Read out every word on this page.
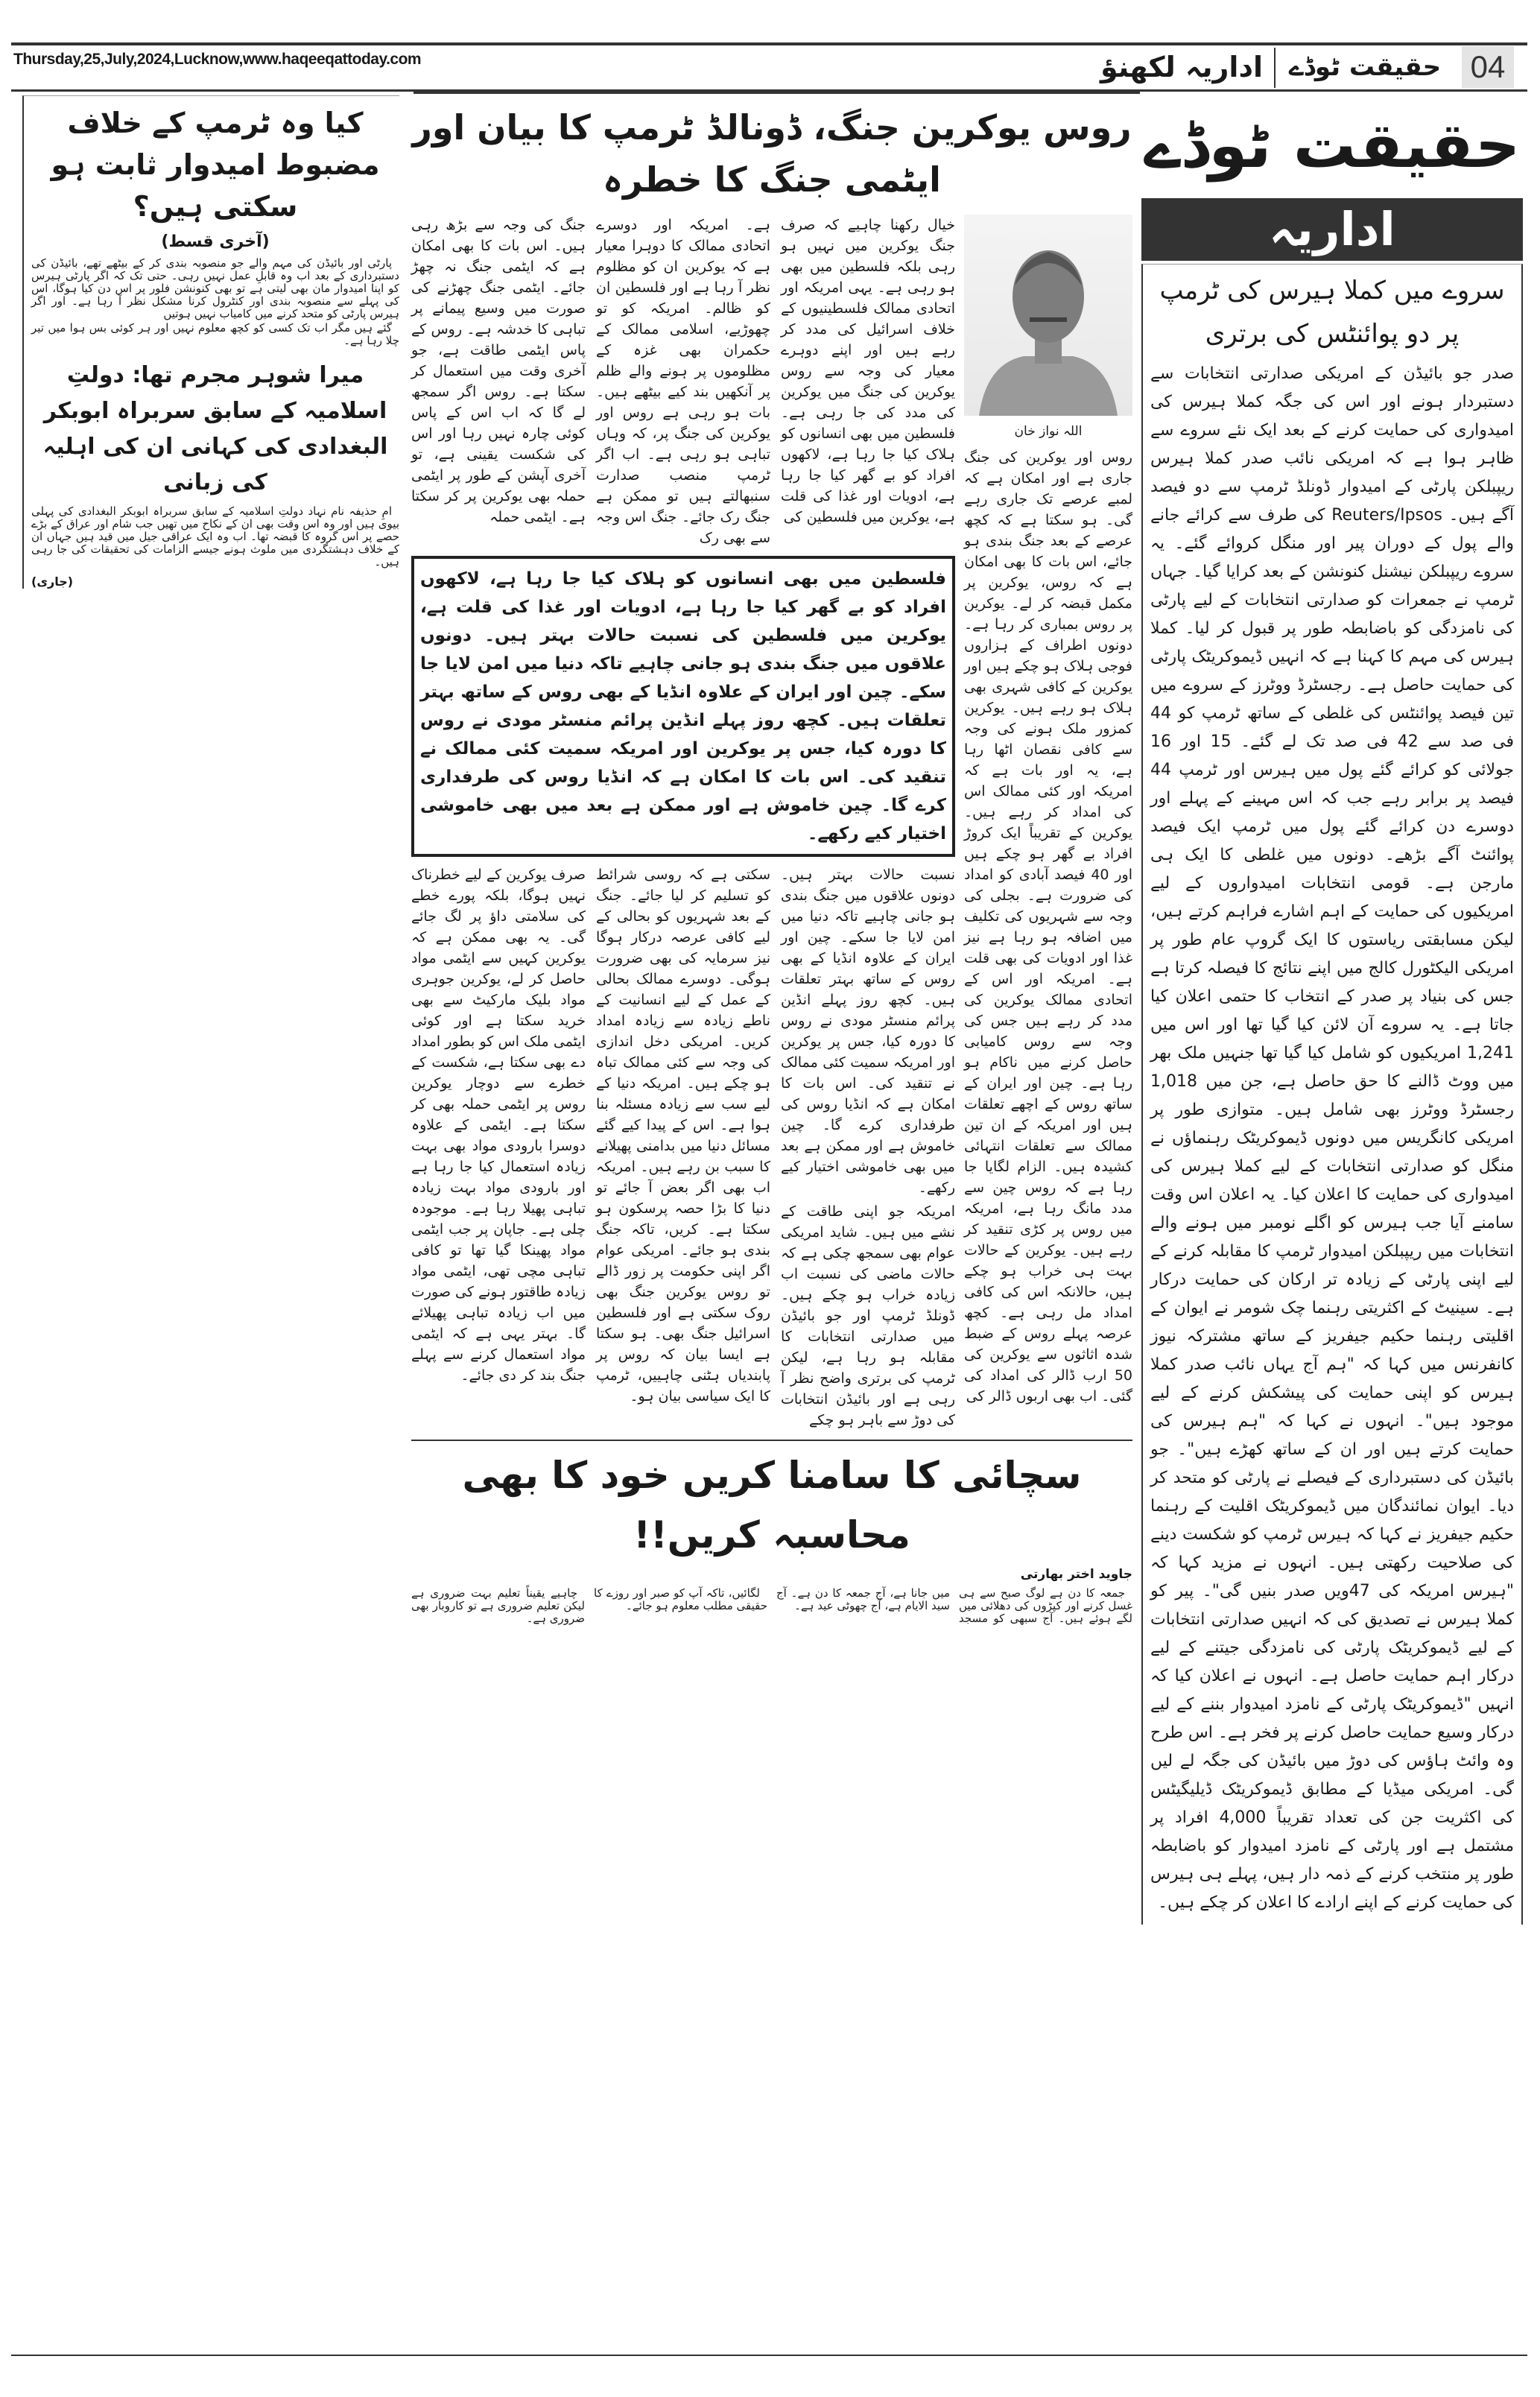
Thursday,25,July,2024,Lucknow,www.haqeeqattoday.com	04
حقیقت ٹوڈے
اداریہ لکھنؤ
کیا وہ ٹرمپ کے خلاف مضبوط امیدوار ثابت ہو سکتی ہیں؟
(آخری قسط)

پارٹی اور بائیڈن کی مہم والے جو منصوبہ بندی کر کے بیٹھے تھے، بائیڈن کی دستبرداری کے بعد اب وہ قابلِ عمل نہیں رہی۔ حتی تک کہ اگر پارٹی ہیرس کو اپنا امیدوار مان بھی لیتی ہے تو بھی کنونشن فلور پر اس دن کیا ہوگا، اس کی پہلے سے منصوبہ بندی اور کنٹرول کرنا مشکل نظر آ رہا ہے۔ اور اگر ہیرس پارٹی کو متحد کرنے میں کامیاب نہیں ہوتیں

گئے ہیں مگر اب تک کسی کو کچھ معلوم نہیں اور ہر کوئی بس ہوا میں تیر چلا رہا ہے۔

میرا شوہر مجرم تھا: دولتِ اسلامیہ کے سابق سربراہ ابوبکر البغدادی کی کہانی ان کی اہلیہ کی زبانی

امِ حذیفہ نام نہاد دولتِ اسلامیہ کے سابق سربراہ ابوبکر البغدادی کی پہلی بیوی ہیں اور وہ اس وقت بھی ان کے نکاح میں تھیں جب شام اور عراق کے بڑے حصے پر اس گروہ کا قبضہ تھا۔ اب وہ ایک عراقی جیل میں قید ہیں جہاں ان کے خلاف دہشتگردی میں ملوث ہونے جیسے الزامات کی تحقیقات کی جا رہی ہیں۔

(جاری)
روس یوکرین جنگ، ڈونالڈ ٹرمپ کا بیان اور ایٹمی جنگ کا خطرہ
اللہ نواز خان

روس اور یوکرین کی جنگ جاری ہے اور امکان ہے کہ لمبے عرصے تک جاری رہے گی۔ ہو سکتا ہے کہ کچھ عرصے کے بعد جنگ بندی ہو جائے، اس بات کا بھی امکان ہے کہ روس، یوکرین پر مکمل قبضہ کر لے۔ یوکرین پر روس بمباری کر رہا ہے۔ دونوں اطراف کے ہزاروں فوجی ہلاک ہو چکے ہیں اور یوکرین کے کافی شہری بھی ہلاک ہو رہے ہیں۔ یوکرین کمزور ملک ہونے کی وجہ سے کافی نقصان اٹھا رہا ہے، یہ اور بات ہے کہ امریکہ اور کئی ممالک اس کی امداد کر رہے ہیں۔ یوکرین کے تقریباً ایک کروڑ افراد بے گھر ہو چکے ہیں اور 40 فیصد آبادی کو امداد کی ضرورت ہے۔ بجلی کی وجہ سے شہریوں کی تکلیف میں اضافہ ہو رہا ہے نیز غذا اور ادویات کی بھی قلت ہے۔ امریکہ اور اس کے اتحادی ممالک یوکرین کی مدد کر رہے ہیں جس کی وجہ سے روس کامیابی حاصل کرنے میں ناکام ہو رہا ہے۔ چین اور ایران کے ساتھ روس کے اچھے تعلقات ہیں اور امریکہ کے ان تین ممالک سے تعلقات انتہائی کشیدہ ہیں۔ الزام لگایا جا رہا ہے کہ روس چین سے مدد مانگ رہا ہے، امریکہ میں روس پر کڑی تنقید کر رہے ہیں۔ یوکرین کے حالات بہت ہی خراب ہو چکے ہیں، حالانکہ اس کی کافی امداد مل رہی ہے۔ کچھ عرصہ پہلے روس کے ضبط شدہ اثاثوں سے یوکرین کی 50 ارب ڈالر کی امداد کی گئی۔ اب بھی اربوں ڈالر کی

خیال رکھنا چاہیے کہ صرف جنگ یوکرین میں نہیں ہو رہی بلکہ فلسطین میں بھی ہو رہی ہے۔ یہی امریکہ اور اتحادی ممالک فلسطینیوں کے خلاف اسرائیل کی مدد کر رہے ہیں اور اپنے دوہرے معیار کی وجہ سے روس یوکرین کی جنگ میں یوکرین کی مدد کی جا رہی ہے۔ فلسطین میں بھی انسانوں کو ہلاک کیا جا رہا ہے، لاکھوں افراد کو بے گھر کیا جا رہا ہے، ادویات اور غذا کی قلت ہے، یوکرین میں فلسطین کی

ہے۔ امریکہ اور دوسرے اتحادی ممالک کا دوہرا معیار ہے کہ یوکرین ان کو مظلوم نظر آ رہا ہے اور فلسطین ان کو ظالم۔ امریکہ کو تو چھوڑیے، اسلامی ممالک کے حکمران بھی غزہ کے مظلوموں پر ہونے والے ظلم پر آنکھیں بند کیے بیٹھے ہیں۔ بات ہو رہی ہے روس اور یوکرین کی جنگ پر، کہ وہاں تباہی ہو رہی ہے۔ اب اگر ٹرمپ منصب صدارت سنبھالتے ہیں تو ممکن ہے جنگ رک جائے۔ جنگ اس وجہ سے بھی رک

جنگ کی وجہ سے بڑھ رہی ہیں۔ اس بات کا بھی امکان ہے کہ ایٹمی جنگ نہ چھڑ جائے۔ ایٹمی جنگ چھڑنے کی صورت میں وسیع پیمانے پر تباہی کا خدشہ ہے۔ روس کے پاس ایٹمی طاقت ہے، جو آخری وقت میں استعمال کر سکتا ہے۔ روس اگر سمجھ لے گا کہ اب اس کے پاس کوئی چارہ نہیں رہا اور اس کی شکست یقینی ہے، تو آخری آپشن کے طور پر ایٹمی حملہ بھی یوکرین پر کر سکتا ہے۔ ایٹمی حملہ

فلسطین میں بھی انسانوں کو ہلاک کیا جا رہا ہے، لاکھوں افراد کو بے گھر کیا جا رہا ہے، ادویات اور غذا کی قلت ہے، یوکرین میں فلسطین کی نسبت حالات بہتر ہیں۔ دونوں علاقوں میں جنگ بندی ہو جانی چاہیے تاکہ دنیا میں امن لایا جا سکے۔ چین اور ایران کے علاوہ انڈیا کے بھی روس کے ساتھ بہتر تعلقات ہیں۔ کچھ روز پہلے انڈین پرائم منسٹر مودی نے روس کا دورہ کیا، جس پر یوکرین اور امریکہ سمیت کئی ممالک نے تنقید کی۔ اس بات کا امکان ہے کہ انڈیا روس کی طرفداری کرے گا۔ چین خاموش ہے اور ممکن ہے بعد میں بھی خاموشی اختیار کیے رکھے۔

نسبت حالات بہتر ہیں۔ دونوں علاقوں میں جنگ بندی ہو جانی چاہیے تاکہ دنیا میں امن لایا جا سکے۔ چین اور ایران کے علاوہ انڈیا کے بھی روس کے ساتھ بہتر تعلقات ہیں۔ کچھ روز پہلے انڈین پرائم منسٹر مودی نے روس کا دورہ کیا، جس پر یوکرین اور امریکہ سمیت کئی ممالک نے تنقید کی۔ اس بات کا امکان ہے کہ انڈیا روس کی طرفداری کرے گا۔ چین خاموش ہے اور ممکن ہے بعد میں بھی خاموشی اختیار کیے رکھے۔

امریکہ جو اپنی طاقت کے نشے میں ہیں۔ شاید امریکی عوام بھی سمجھ چکی ہے کہ حالات ماضی کی نسبت اب زیادہ خراب ہو چکے ہیں۔ ڈونلڈ ٹرمپ اور جو بائیڈن میں صدارتی انتخابات کا مقابلہ ہو رہا ہے، لیکن ٹرمپ کی برتری واضح نظر آ رہی ہے اور بائیڈن انتخابات کی دوڑ سے باہر ہو چکے

سکتی ہے کہ روسی شرائط کو تسلیم کر لیا جائے۔ جنگ کے بعد شہریوں کو بحالی کے لیے کافی عرصہ درکار ہوگا نیز سرمایہ کی بھی ضرورت ہوگی۔ دوسرے ممالک بحالی کے عمل کے لیے انسانیت کے ناطے زیادہ سے زیادہ امداد کریں۔ امریکی دخل اندازی کی وجہ سے کئی ممالک تباہ ہو چکے ہیں۔ امریکہ دنیا کے لیے سب سے زیادہ مسئلہ بنا ہوا ہے۔ اس کے پیدا کیے گئے مسائل دنیا میں بدامنی پھیلانے کا سبب بن رہے ہیں۔ امریکہ اب بھی اگر بعض آ جائے تو دنیا کا بڑا حصہ پرسکون ہو سکتا ہے۔ کریں، تاکہ جنگ بندی ہو جائے۔ امریکی عوام اگر اپنی حکومت پر زور ڈالے تو روس یوکرین جنگ بھی روک سکتی ہے اور فلسطین اسرائیل جنگ بھی۔ ہو سکتا ہے ایسا بیان کہ روس پر پابندیاں ہٹنی چاہییں، ٹرمپ کا ایک سیاسی بیان ہو۔

صرف یوکرین کے لیے خطرناک نہیں ہوگا، بلکہ پورے خطے کی سلامتی داؤ پر لگ جائے گی۔ یہ بھی ممکن ہے کہ یوکرین کہیں سے ایٹمی مواد حاصل کر لے، یوکرین جوہری مواد بلیک مارکیٹ سے بھی خرید سکتا ہے اور کوئی ایٹمی ملک اس کو بطور امداد دے بھی سکتا ہے، شکست کے خطرے سے دوچار یوکرین روس پر ایٹمی حملہ بھی کر سکتا ہے۔ ایٹمی کے علاوہ دوسرا بارودی مواد بھی بہت زیادہ استعمال کیا جا رہا ہے اور بارودی مواد بہت زیادہ تباہی پھیلا رہا ہے۔ موجودہ چلی ہے۔ جاپان پر جب ایٹمی مواد پھینکا گیا تھا تو کافی تباہی مچی تھی، ایٹمی مواد زیادہ طاقتور ہونے کی صورت میں اب زیادہ تباہی پھیلائے گا۔ بہتر یہی ہے کہ ایٹمی مواد استعمال کرنے سے پہلے جنگ بند کر دی جائے۔

سچائی کا سامنا کریں خود کا بھی محاسبہ کریں!!
جاوید اختر بھارتی

جمعہ کا دن ہے لوگ صبح سے ہی غسل کرنے اور کپڑوں کی دھلائی میں لگے ہوئے ہیں۔ آج سبھی کو مسجد میں جانا ہے، آج جمعہ کا دن ہے۔ آج سید الایام ہے، آج چھوٹی عید ہے۔

لگائیں، تاکہ آپ کو صبر اور روزے کا حقیقی مطلب معلوم ہو جائے۔

چاہیے یقیناً تعلیم بہت ضروری ہے لیکن تعلیم ضروری ہے تو کاروبار بھی ضروری ہے۔

حقیقت ٹوڈے
اداریہ
سروے میں کملا ہیرس کی ٹرمپ پر دو پوائنٹس کی برتری

صدر جو بائیڈن کے امریکی صدارتی انتخابات سے دستبردار ہونے اور اس کی جگہ کملا ہیرس کی امیدواری کی حمایت کرنے کے بعد ایک نئے سروے سے ظاہر ہوا ہے کہ امریکی نائب صدر کملا ہیرس ریپبلکن پارٹی کے امیدوار ڈونلڈ ٹرمپ سے دو فیصد آگے ہیں۔ Reuters/Ipsos کی طرف سے کرائے جانے والے پول کے دوران پیر اور منگل کروائے گئے۔ یہ سروے ریپبلکن نیشنل کنونشن کے بعد کرایا گیا۔ جہاں ٹرمپ نے جمعرات کو صدارتی انتخابات کے لیے پارٹی کی نامزدگی کو باضابطہ طور پر قبول کر لیا۔ کملا ہیرس کی مہم کا کہنا ہے کہ انہیں ڈیموکریٹک پارٹی کی حمایت حاصل ہے۔ رجسٹرڈ ووٹرز کے سروے میں تین فیصد پوائنٹس کی غلطی کے ساتھ ٹرمپ کو 44 فی صد سے 42 فی صد تک لے گئے۔ 15 اور 16 جولائی کو کرائے گئے پول میں ہیرس اور ٹرمپ 44 فیصد پر برابر رہے جب کہ اس مہینے کے پہلے اور دوسرے دن کرائے گئے پول میں ٹرمپ ایک فیصد پوائنٹ آگے بڑھے۔ دونوں میں غلطی کا ایک ہی مارجن ہے۔ قومی انتخابات امیدواروں کے لیے امریکیوں کی حمایت کے اہم اشارے فراہم کرتے ہیں، لیکن مسابقتی ریاستوں کا ایک گروپ عام طور پر امریکی الیکٹورل کالج میں اپنے نتائج کا فیصلہ کرتا ہے جس کی بنیاد پر صدر کے انتخاب کا حتمی اعلان کیا جاتا ہے۔ یہ سروے آن لائن کیا گیا تھا اور اس میں 1,241 امریکیوں کو شامل کیا گیا تھا جنہیں ملک بھر میں ووٹ ڈالنے کا حق حاصل ہے، جن میں 1,018 رجسٹرڈ ووٹرز بھی شامل ہیں۔ متوازی طور پر امریکی کانگریس میں دونوں ڈیموکریٹک رہنماؤں نے منگل کو صدارتی انتخابات کے لیے کملا ہیرس کی امیدواری کی حمایت کا اعلان کیا۔ یہ اعلان اس وقت سامنے آیا جب ہیرس کو اگلے نومبر میں ہونے والے انتخابات میں ریپبلکن امیدوار ٹرمپ کا مقابلہ کرنے کے لیے اپنی پارٹی کے زیادہ تر ارکان کی حمایت درکار ہے۔ سینیٹ کے اکثریتی رہنما چک شومر نے ایوان کے اقلیتی رہنما حکیم جیفریز کے ساتھ مشترکہ نیوز کانفرنس میں کہا کہ "ہم آج یہاں نائب صدر کملا ہیرس کو اپنی حمایت کی پیشکش کرنے کے لیے موجود ہیں"۔ انہوں نے کہا کہ "ہم ہیرس کی حمایت کرتے ہیں اور ان کے ساتھ کھڑے ہیں"۔ جو بائیڈن کی دستبرداری کے فیصلے نے پارٹی کو متحد کر دیا۔ ایوان نمائندگان میں ڈیموکریٹک اقلیت کے رہنما حکیم جیفریز نے کہا کہ ہیرس ٹرمپ کو شکست دینے کی صلاحیت رکھتی ہیں۔ انہوں نے مزید کہا کہ "ہیرس امریکہ کی 47ویں صدر بنیں گی"۔ پیر کو کملا ہیرس نے تصدیق کی کہ انہیں صدارتی انتخابات کے لیے ڈیموکریٹک پارٹی کی نامزدگی جیتنے کے لیے درکار اہم حمایت حاصل ہے۔ انہوں نے اعلان کیا کہ انہیں "ڈیموکریٹک پارٹی کے نامزد امیدوار بننے کے لیے درکار وسیع حمایت حاصل کرنے پر فخر ہے۔ اس طرح وہ وائٹ ہاؤس کی دوڑ میں بائیڈن کی جگہ لے لیں گی۔ امریکی میڈیا کے مطابق ڈیموکریٹک ڈیلیگیٹس کی اکثریت جن کی تعداد تقریباً 4,000 افراد پر مشتمل ہے اور پارٹی کے نامزد امیدوار کو باضابطہ طور پر منتخب کرنے کے ذمہ دار ہیں، پہلے ہی ہیرس کی حمایت کرنے کے اپنے ارادے کا اعلان کر چکے ہیں۔
